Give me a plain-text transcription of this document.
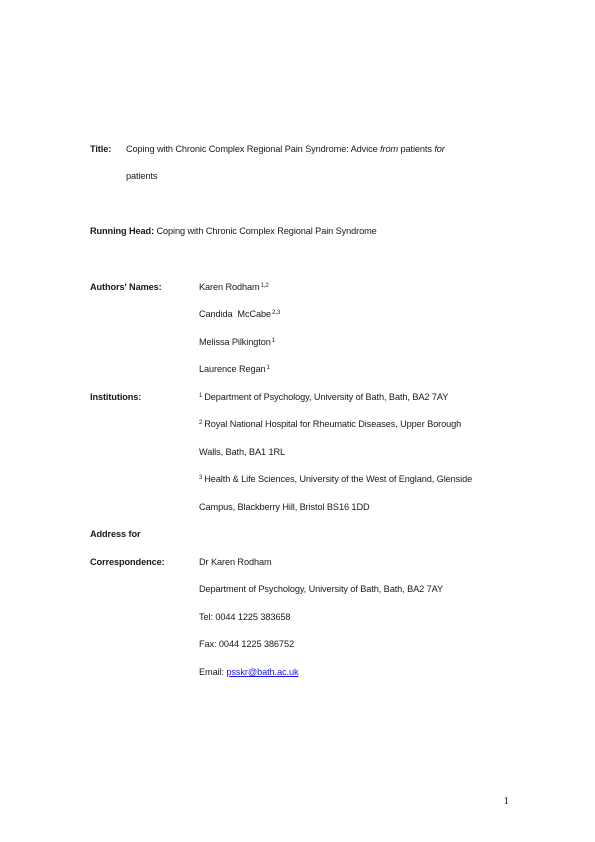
Title: Coping with Chronic Complex Regional Pain Syndrome: Advice from patients for
patients
Running Head: Coping with Chronic Complex Regional Pain Syndrome
Authors' Names:	Karen Rodham$^{1,2}$
Candida  McCabe$^{2,3}$
Melissa Pilkington$^1$
Laurence Regan$^1$
Institutions:	$^1$ Department of Psychology, University of Bath, Bath, BA2 7AY
$^2$ Royal National Hospital for Rheumatic Diseases, Upper Borough
Walls, Bath, BA1 1RL
$^3$ Health & Life Sciences, University of the West of England, Glenside
Campus, Blackberry Hill, Bristol BS16 1DD
Address for
Correspondence:	Dr Karen Rodham
Department of Psychology, University of Bath, Bath, BA2 7AY
Tel: 0044 1225 383658
Fax: 0044 1225 386752
Email: psskr@bath.ac.uk
1
